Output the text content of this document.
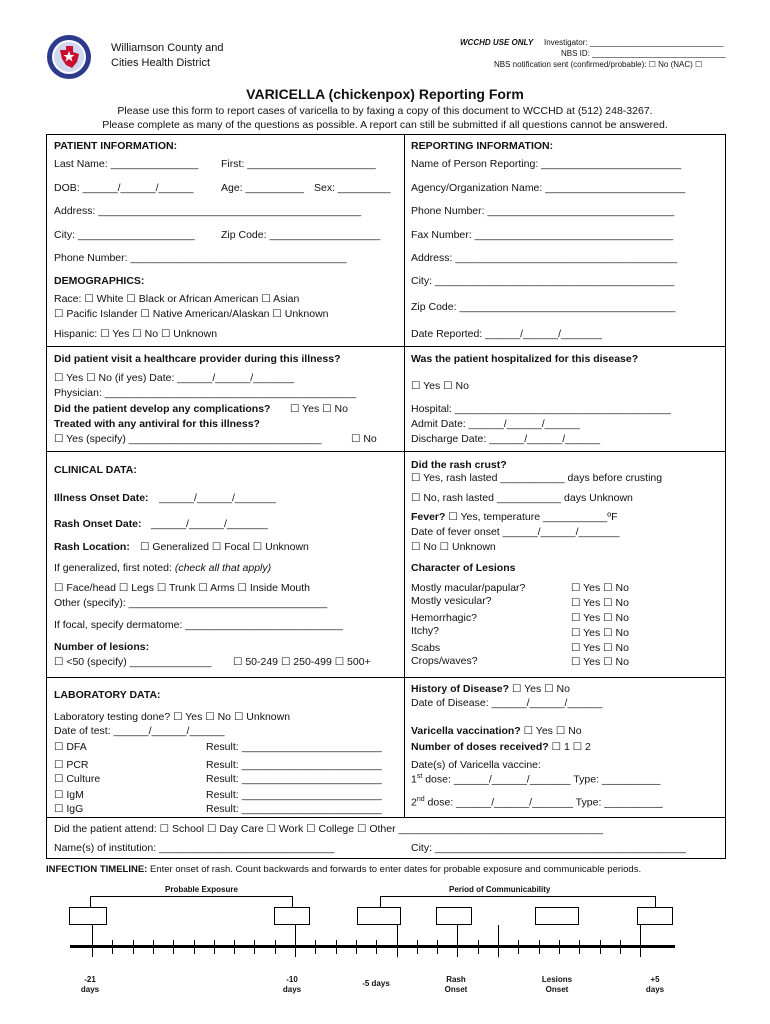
Williamson County and
Cities Health District
WCCHD USE ONLY Investigator: ______________________________
NBS ID: ______________________________
NBS notification sent (confirmed/probable): ☐ No (NAC) ☐
VARICELLA (chickenpox) Reporting Form
Please use this form to report cases of varicella to by faxing a copy of this document to WCCHD at (512) 248-3267.
Please complete as many of the questions as possible. A report can still be submitted if all questions cannot be answered.
PATIENT INFORMATION:
Last Name: _______________ First: ______________________
DOB: ______/______/______	Age: __________ Sex: _________
Address: _____________________________________________
City: ____________________	Zip Code: ___________________
Phone Number: _____________________________________
DEMOGRAPHICS:
Race: ☐ White ☐ Black or African American ☐ Asian
☐ Pacific Islander ☐ Native American/Alaskan ☐ Unknown
Hispanic: ☐ Yes ☐ No ☐ Unknown
REPORTING INFORMATION:
Name of Person Reporting: ________________________
Agency/Organization Name: ________________________
Phone Number: ________________________________
Fax Number: __________________________________
Address: ______________________________________
City: _________________________________________
Zip Code: _____________________________________
Date Reported: ______/______/_______
Did patient visit a healthcare provider during this illness?
☐ Yes ☐ No (if yes) Date: ______/______/_______
Physician: ___________________________________________
Did the patient develop any complications? ☐ Yes ☐ No
Treated with any antiviral for this illness?
☐ Yes (specify) _________________________________	☐ No
Was the patient hospitalized for this disease?
☐ Yes ☐ No
Hospital: _____________________________________
Admit Date: ______/______/______
Discharge Date: ______/______/______
CLINICAL DATA:
Illness Onset Date: ______/______/_______
Rash Onset Date: ______/______/_______
Rash Location: ☐ Generalized ☐ Focal ☐ Unknown
If generalized, first noted: (check all that apply)
☐ Face/head ☐ Legs ☐ Trunk ☐ Arms ☐ Inside Mouth
Other (specify): __________________________________
If focal, specify dermatome: ___________________________
Number of lesions:
☐ <50 (specify) ______________ ☐ 50-249 ☐ 250-499 ☐ 500+
Did the rash crust?
☐ Yes, rash lasted ___________ days before crusting
☐ No, rash lasted ___________ days Unknown
Fever? ☐ Yes, temperature ___________ºF
Date of fever onset ______/______/_______
☐ No ☐ Unknown
Character of Lesions
Mostly macular/papular?	☐ Yes ☐ No
Mostly vesicular?	☐ Yes ☐ No
Hemorrhagic?	☐ Yes ☐ No
Itchy?	☐ Yes ☐ No
Scabs	☐ Yes ☐ No
Crops/waves?	☐ Yes ☐ No
LABORATORY DATA:
Laboratory testing done? ☐ Yes ☐ No ☐ Unknown
Date of test: ______/______/______
☐ DFA	Result: ________________________
☐ PCR	Result: ________________________
☐ Culture	Result: ________________________
☐ IgM	Result: ________________________
☐ IgG	Result: ________________________
History of Disease? ☐ Yes ☐ No
Date of Disease: ______/______/______
Varicella vaccination? ☐ Yes ☐ No
Number of doses received? ☐ 1 ☐ 2
Date(s) of Varicella vaccine:
1st dose: ______/______/_______ Type: __________
2nd dose: ______/______/_______ Type: __________
Did the patient attend: ☐ School ☐ Day Care ☐ Work ☐ College ☐ Other ___________________________________
Name(s) of institution: ______________________________	City: ___________________________________________
INFECTION TIMELINE: Enter onset of rash. Count backwards and forwards to enter dates for probable exposure and communicable periods.
Probable Exposure	Period of Communicability
-21
days
-10
days
-5 days	Rash
Onset
Lesions
Onset
+5
days
